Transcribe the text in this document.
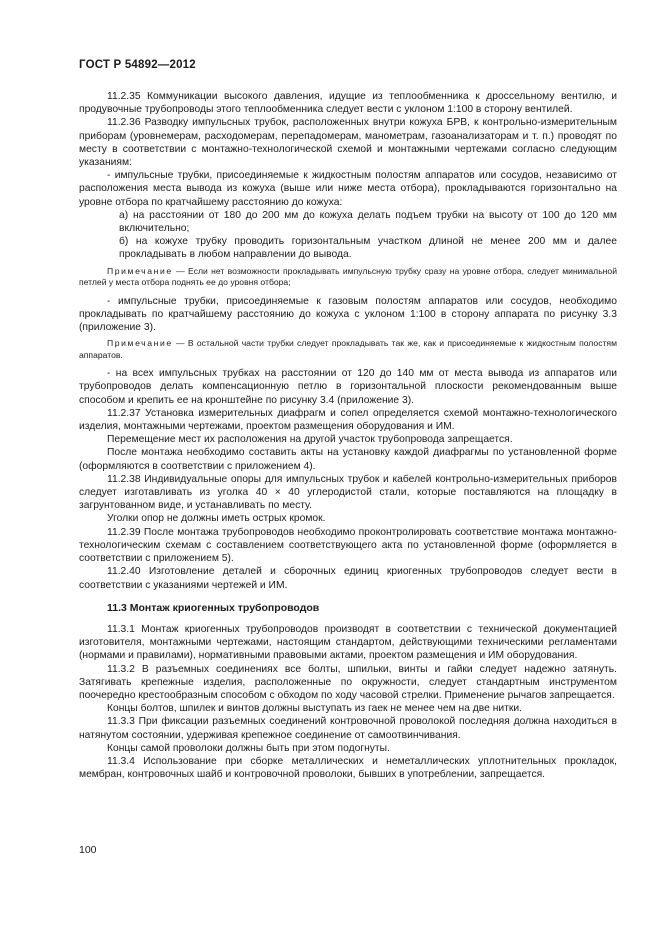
ГОСТ Р 54892—2012

11.2.35 Коммуникации высокого давления, идущие из теплообменника к дроссельному вентилю, и продувочные трубопроводы этого теплообменника следует вести с уклоном 1:100 в сторону вентилей.

11.2.36 Разводку импульсных трубок, расположенных внутри кожуха БРВ, к контрольно-измерительным приборам (уровнемерам, расходомерам, перепадомерам, манометрам, газоанализаторам и т. п.) проводят по месту в соответствии с монтажно-технологической схемой и монтажными чертежами согласно следующим указаниям:

- импульсные трубки, присоединяемые к жидкостным полостям аппаратов или сосудов, независимо от расположения места вывода из кожуха (выше или ниже места отбора), прокладываются горизонтально на уровне отбора по кратчайшему расстоянию до кожуха:

а) на расстоянии от 180 до 200 мм до кожуха делать подъем трубки на высоту от 100 до 120 мм включительно;

б) на кожухе трубку проводить горизонтальным участком длиной не менее 200 мм и далее прокладывать в любом направлении до вывода.

Примечание — Если нет возможности прокладывать импульсную трубку сразу на уровне отбора, следует минимальной петлей у места отбора поднять ее до уровня отбора;

- импульсные трубки, присоединяемые к газовым полостям аппаратов или сосудов, необходимо прокладывать по кратчайшему расстоянию до кожуха с уклоном 1:100 в сторону аппарата по рисунку 3.3 (приложение 3).

Примечание — В остальной части трубки следует прокладывать так же, как и присоединяемые к жидкостным полостям аппаратов.

- на всех импульсных трубках на расстоянии от 120 до 140 мм от места вывода из аппаратов или трубопроводов делать компенсационную петлю в горизонтальной плоскости рекомендованным выше способом и крепить ее на кронштейне по рисунку 3.4 (приложение 3).

11.2.37 Установка измерительных диафрагм и сопел определяется схемой монтажно-технологического изделия, монтажными чертежами, проектом размещения оборудования и ИМ.

Перемещение мест их расположения на другой участок трубопровода запрещается.

После монтажа необходимо составить акты на установку каждой диафрагмы по установленной форме (оформляются в соответствии с приложением 4).

11.2.38 Индивидуальные опоры для импульсных трубок и кабелей контрольно-измерительных приборов следует изготавливать из уголка 40 × 40 углеродистой стали, которые поставляются на площадку в загрунтованном виде, и устанавливать по месту.

Уголки опор не должны иметь острых кромок.

11.2.39 После монтажа трубопроводов необходимо проконтролировать соответствие монтажа монтажно-технологическим схемам с составлением соответствующего акта по установленной форме (оформляется в соответствии с приложением 5).

11.2.40 Изготовление деталей и сборочных единиц криогенных трубопроводов следует вести в соответствии с указаниями чертежей и ИМ.

11.3 Монтаж криогенных трубопроводов

11.3.1 Монтаж криогенных трубопроводов производят в соответствии с технической документацией изготовителя, монтажными чертежами, настоящим стандартом, действующими техническими регламентами (нормами и правилами), нормативными правовыми актами, проектом размещения и ИМ оборудования.

11.3.2 В разъемных соединениях все болты, шпильки, винты и гайки следует надежно затянуть. Затягивать крепежные изделия, расположенные по окружности, следует стандартным инструментом поочередно крестообразным способом с обходом по ходу часовой стрелки. Применение рычагов запрещается.

Концы болтов, шпилек и винтов должны выступать из гаек не менее чем на две нитки.

11.3.3 При фиксации разъемных соединений контровочной проволокой последняя должна находиться в натянутом состоянии, удерживая крепежное соединение от самоотвинчивания.

Концы самой проволоки должны быть при этом подогнуты.

11.3.4 Использование при сборке металлических и неметаллических уплотнительных прокладок, мембран, контровочных шайб и контровочной проволоки, бывших в употреблении, запрещается.

100
